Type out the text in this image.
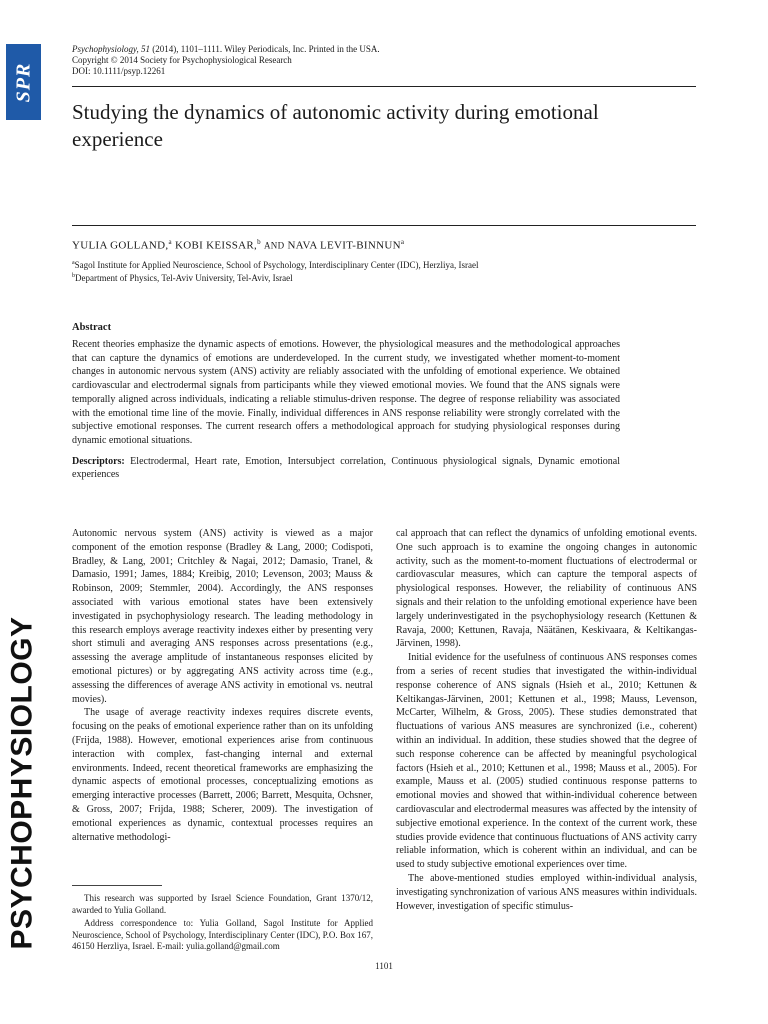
SPR
PSYCHOPHYSIOLOGY
Psychophysiology, 51 (2014), 1101–1111. Wiley Periodicals, Inc. Printed in the USA.
Copyright © 2014 Society for Psychophysiological Research
DOI: 10.1111/psyp.12261
Studying the dynamics of autonomic activity during emotional experience
YULIA GOLLAND,$^a$ KOBI KEISSAR,$^b$ AND NAVA LEVIT-BINNUN$^a$
$^a$Sagol Institute for Applied Neuroscience, School of Psychology, Interdisciplinary Center (IDC), Herzliya, Israel
$^b$Department of Physics, Tel-Aviv University, Tel-Aviv, Israel
Abstract

Recent theories emphasize the dynamic aspects of emotions. However, the physiological measures and the methodological approaches that can capture the dynamics of emotions are underdeveloped. In the current study, we investigated whether moment-to-moment changes in autonomic nervous system (ANS) activity are reliably associated with the unfolding of emotional experience. We obtained cardiovascular and electrodermal signals from participants while they viewed emotional movies. We found that the ANS signals were temporally aligned across individuals, indicating a reliable stimulus-driven response. The degree of response reliability was associated with the emotional time line of the movie. Finally, individual differences in ANS response reliability were strongly correlated with the subjective emotional responses. The current research offers a methodological approach for studying physiological responses during dynamic emotional situations.

Descriptors: Electrodermal, Heart rate, Emotion, Intersubject correlation, Continuous physiological signals, Dynamic emotional experiences

Autonomic nervous system (ANS) activity is viewed as a major component of the emotion response (Bradley & Lang, 2000; Codispoti, Bradley, & Lang, 2001; Critchley & Nagai, 2012; Damasio, Tranel, & Damasio, 1991; James, 1884; Kreibig, 2010; Levenson, 2003; Mauss & Robinson, 2009; Stemmler, 2004). Accordingly, the ANS responses associated with various emotional states have been extensively investigated in psychophysiology research. The leading methodology in this research employs average reactivity indexes either by presenting very short stimuli and averaging ANS responses across presentations (e.g., assessing the average amplitude of instantaneous responses elicited by emotional pictures) or by aggregating ANS activity across time (e.g., assessing the differences of average ANS activity in emotional vs. neutral movies).

The usage of average reactivity indexes requires discrete events, focusing on the peaks of emotional experience rather than on its unfolding (Frijda, 1988). However, emotional experiences arise from continuous interaction with complex, fast-changing internal and external environments. Indeed, recent theoretical frameworks are emphasizing the dynamic aspects of emotional processes, conceptualizing emotions as emerging interactive processes (Barrett, 2006; Barrett, Mesquita, Ochsner, & Gross, 2007; Frijda, 1988; Scherer, 2009). The investigation of emotional experiences as dynamic, contextual processes requires an alternative methodologi-

cal approach that can reflect the dynamics of unfolding emotional events. One such approach is to examine the ongoing changes in autonomic activity, such as the moment-to-moment fluctuations of electrodermal or cardiovascular measures, which can capture the temporal aspects of physiological responses. However, the reliability of continuous ANS signals and their relation to the unfolding emotional experience have been largely underinvestigated in the psychophysiology research (Kettunen & Ravaja, 2000; Kettunen, Ravaja, Näätänen, Keskivaara, & Keltikangas-Järvinen, 1998).

Initial evidence for the usefulness of continuous ANS responses comes from a series of recent studies that investigated the within-individual response coherence of ANS signals (Hsieh et al., 2010; Kettunen & Keltikangas-Järvinen, 2001; Kettunen et al., 1998; Mauss, Levenson, McCarter, Wilhelm, & Gross, 2005). These studies demonstrated that fluctuations of various ANS measures are synchronized (i.e., coherent) within an individual. In addition, these studies showed that the degree of such response coherence can be affected by meaningful psychological factors (Hsieh et al., 2010; Kettunen et al., 1998; Mauss et al., 2005). For example, Mauss et al. (2005) studied continuous response patterns to emotional movies and showed that within-individual coherence between cardiovascular and electrodermal measures was affected by the intensity of subjective emotional experience. In the context of the current work, these studies provide evidence that continuous fluctuations of ANS activity carry reliable information, which is coherent within an individual, and can be used to study subjective emotional experiences over time.

The above-mentioned studies employed within-individual analysis, investigating synchronization of various ANS measures within individuals. However, investigation of specific stimulus-

This research was supported by Israel Science Foundation, Grant 1370/12, awarded to Yulia Golland.

Address correspondence to: Yulia Golland, Sagol Institute for Applied Neuroscience, School of Psychology, Interdisciplinary Center (IDC), P.O. Box 167, 46150 Herzliya, Israel. E-mail: yulia.golland@gmail.com

1101
